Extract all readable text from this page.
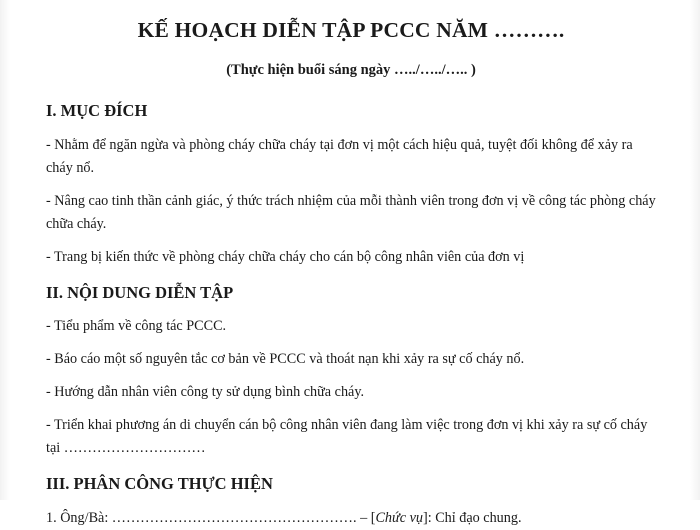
KẾ HOẠCH DIỄN TẬP PCCC NĂM ……….

(Thực hiện buổi sáng ngày …../…../….. )

I. MỤC ĐÍCH

- Nhằm để ngăn ngừa và phòng cháy chữa cháy tại đơn vị một cách hiệu quả, tuyệt đối không để xảy ra cháy nổ.

- Nâng cao tinh thần cảnh giác, ý thức trách nhiệm của mỗi thành viên trong đơn vị về công tác phòng cháy chữa cháy.

- Trang bị kiến thức về phòng cháy chữa cháy cho cán bộ công nhân viên của đơn vị

II. NỘI DUNG DIỄN TẬP

- Tiểu phẩm về công tác PCCC.

- Báo cáo một số nguyên tắc cơ bản về PCCC và thoát nạn khi xảy ra sự cố cháy nổ.

- Hướng dẫn nhân viên công ty sử dụng bình chữa cháy.

- Triển khai phương án di chuyển cán bộ công nhân viên đang làm việc trong đơn vị khi xảy ra sự cố cháy tại …………………………

III. PHÂN CÔNG THỰC HIỆN

1. Ông/Bà: ……………………………………………. – [Chức vụ]: Chỉ đạo chung.
